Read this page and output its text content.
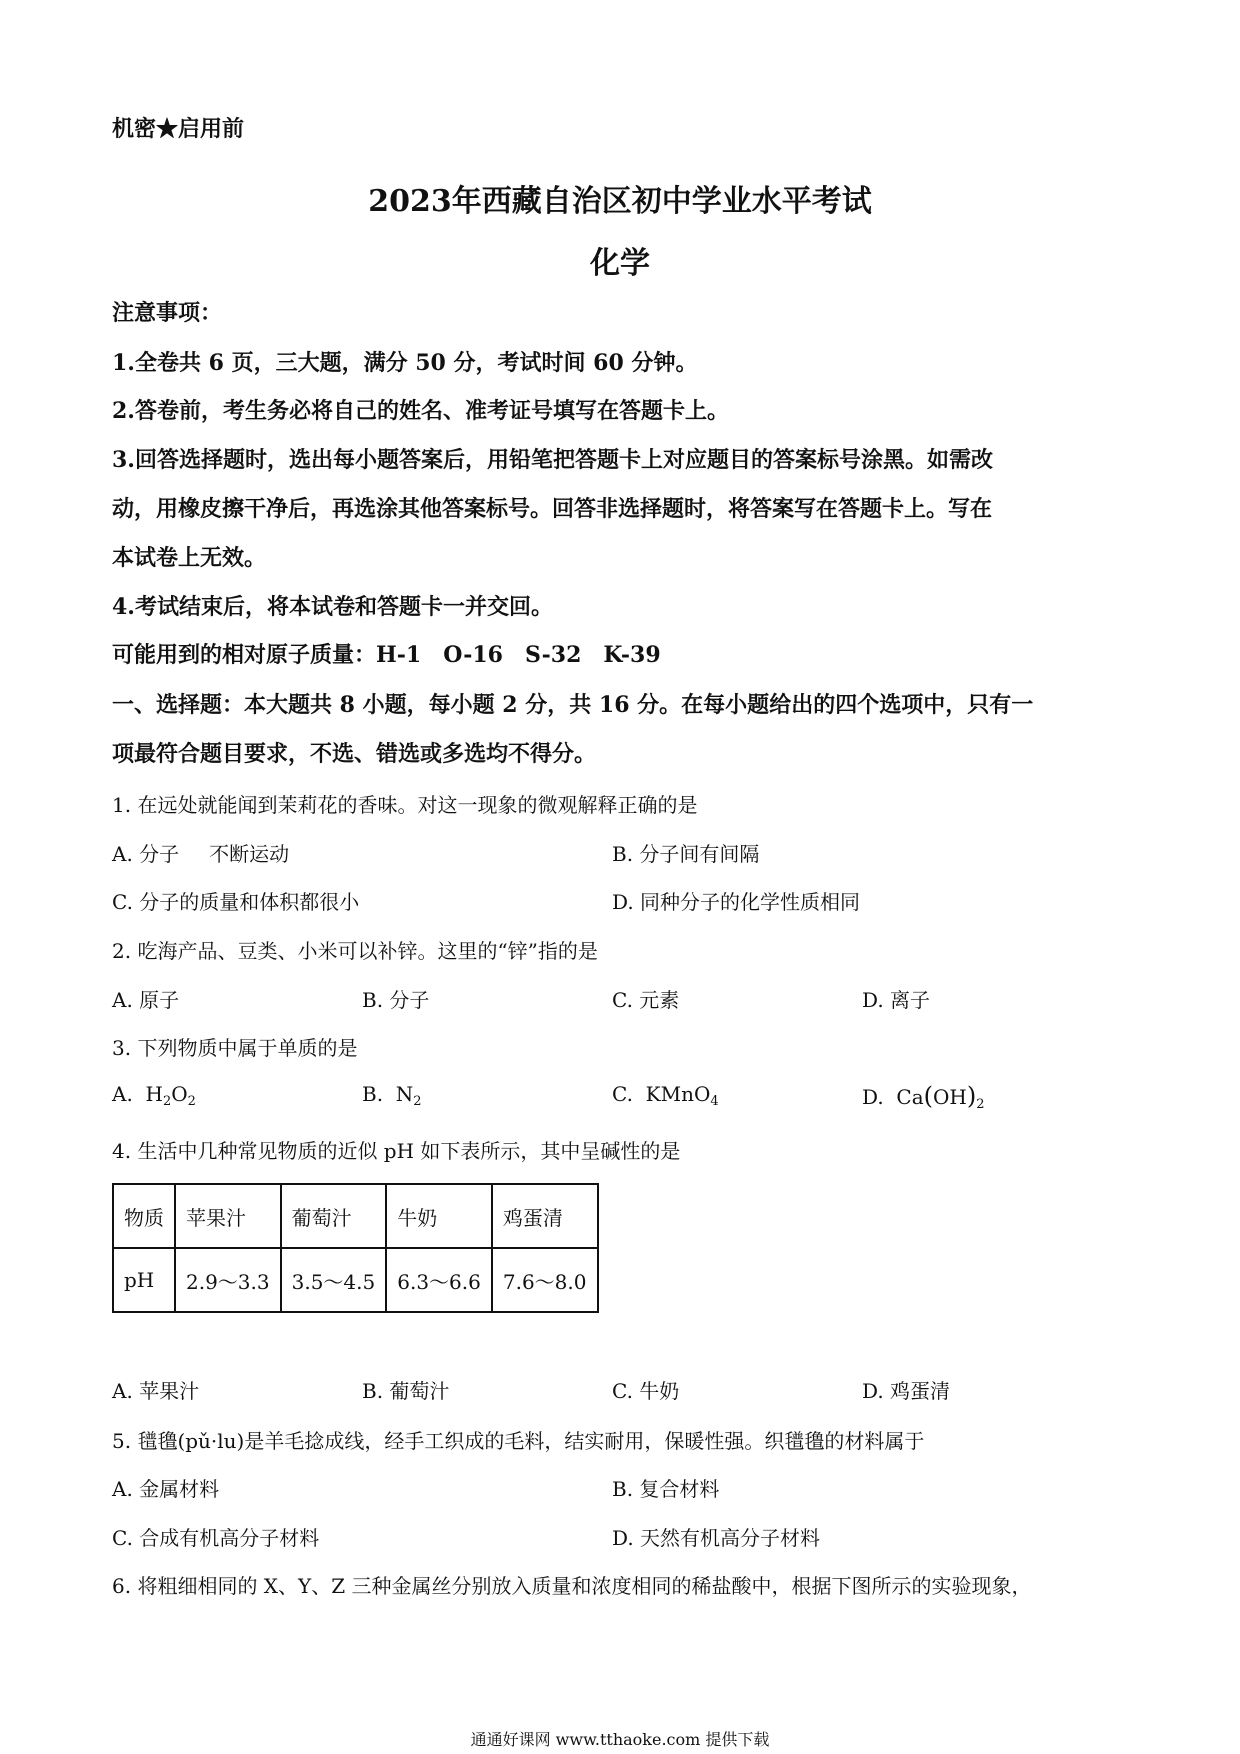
机密★启用前
2023年西藏自治区初中学业水平考试
化学
注意事项：
1.全卷共 6 页，三大题，满分 50 分，考试时间 60 分钟。
2.答卷前，考生务必将自己的姓名、准考证号填写在答题卡上。
3.回答选择题时，选出每小题答案后，用铅笔把答题卡上对应题目的答案标号涂黑。如需改
动，用橡皮擦干净后，再选涂其他答案标号。回答非选择题时，将答案写在答题卡上。写在
本试卷上无效。
4.考试结束后，将本试卷和答题卡一并交回。
可能用到的相对原子质量：H-1　O-16　S-32　K-39
一、选择题：本大题共 8 小题，每小题 2 分，共 16 分。在每小题给出的四个选项中，只有一
项最符合题目要求，不选、错选或多选均不得分。
1. 在远处就能闻到茉莉花的香味。对这一现象的微观解释正确的是
A. 分子 不断运动	B. 分子间有间隔
C. 分子的质量和体积都很小	D. 同种分子的化学性质相同
2. 吃海产品、豆类、小米可以补锌。这里的“锌”指的是
A. 原子	B. 分子	C. 元素	D. 离子
3. 下列物质中属于单质的是
A. $H_2O_2$	B. $N_2$	C. KMnO$_4$	D. $Ca(OH)_2$
4. 生活中几种常见物质的近似 pH 如下表所示，其中呈碱性的是
物质	苹果汁	葡萄汁	牛奶	鸡蛋清
pH	2.9～3.3	3.5～4.5	6.3～6.6	7.6～8.0
A. 苹果汁	B. 葡萄汁	C. 牛奶	D. 鸡蛋清
5. 氆氇(pǔ·lu)是羊毛捻成线，经手工织成的毛料，结实耐用，保暖性强。织氆氇的材料属于
A. 金属材料	B. 复合材料
C. 合成有机高分子材料	D. 天然有机高分子材料
6. 将粗细相同的 X、Y、Z 三种金属丝分别放入质量和浓度相同的稀盐酸中，根据下图所示的实验现象，
通通好课网 www.tthaoke.com 提供下载
